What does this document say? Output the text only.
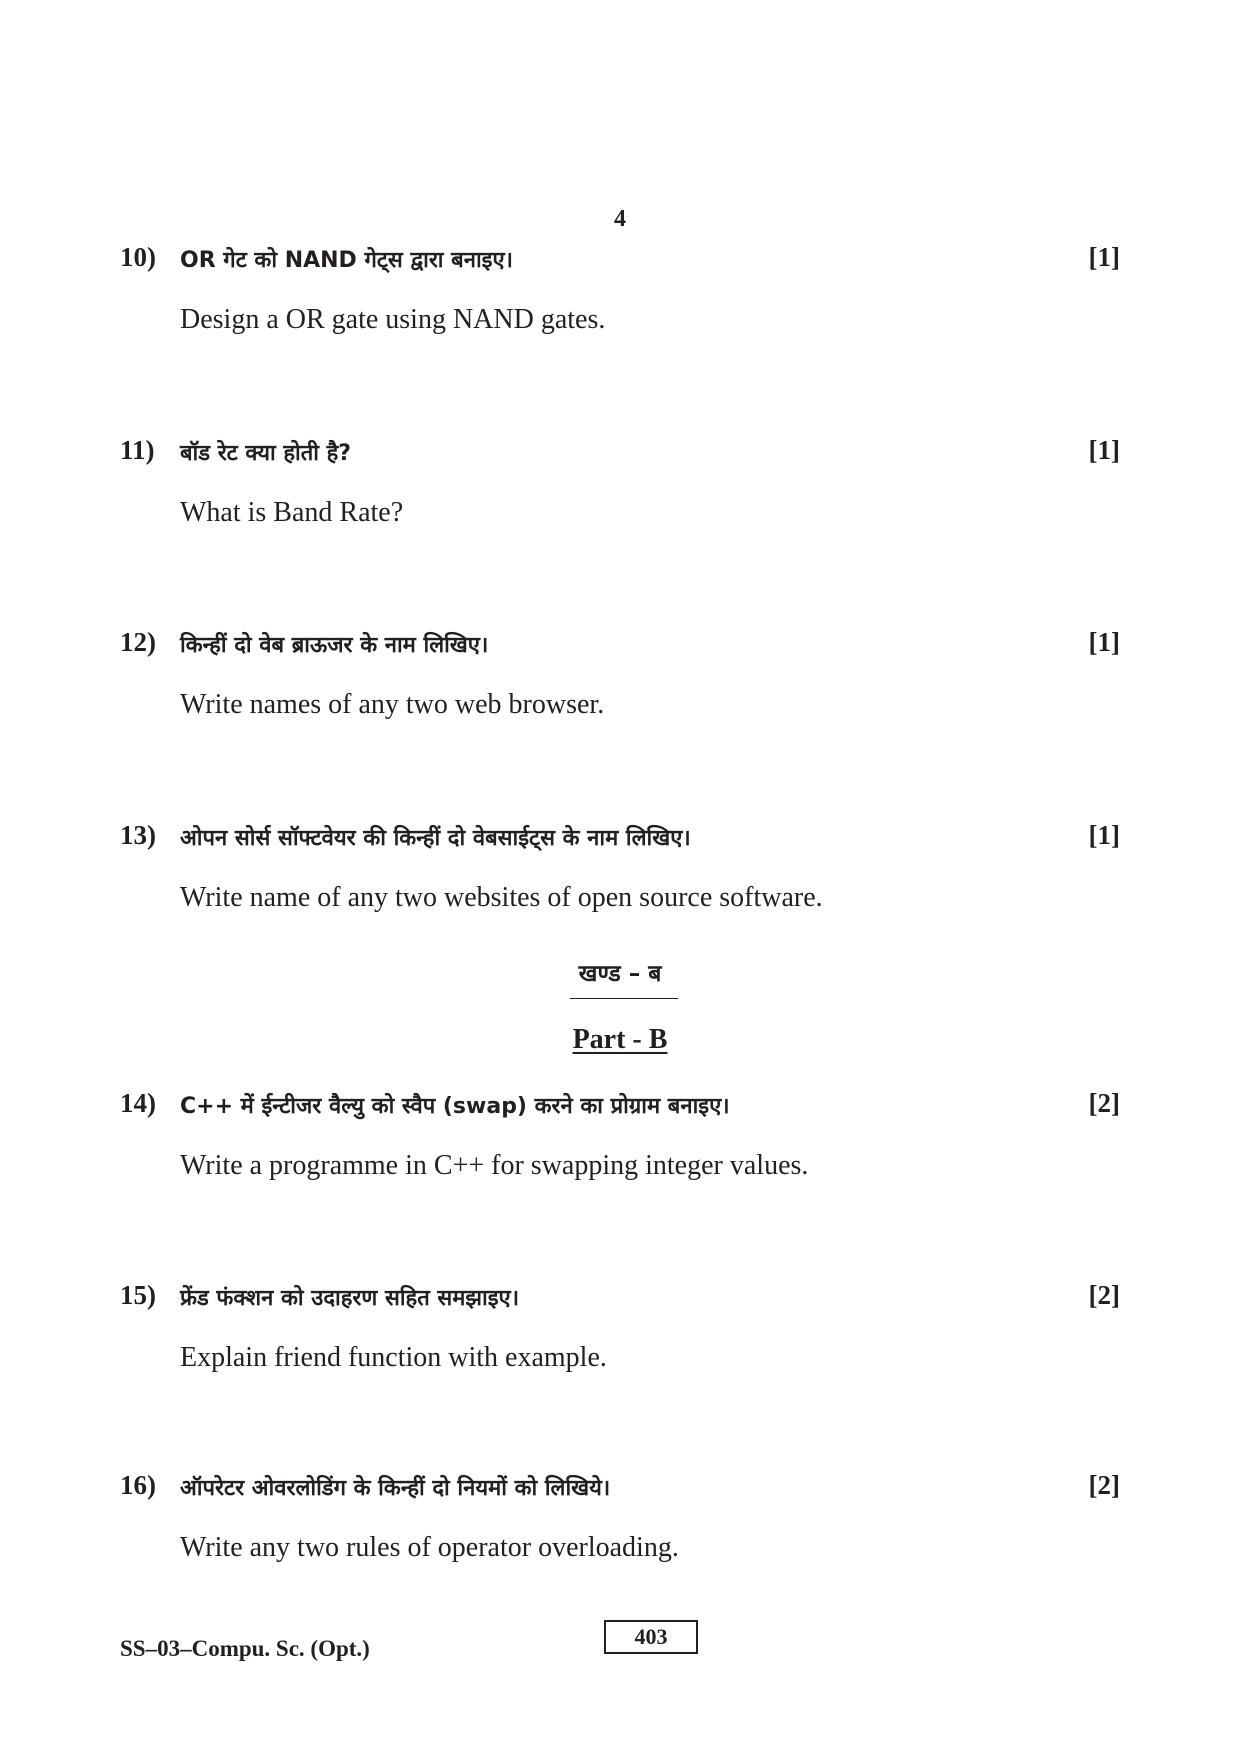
4
10) OR गेट को NAND गेट्स द्वारा बनाइए।	[1]
Design a OR gate using NAND gates.
11) बॉड रेट क्या होती है?	[1]
What is Band Rate?
12) किन्हीं दो वेब ब्राऊजर के नाम लिखिए।	[1]
Write names of any two web browser.
13) ओपन सोर्स सॉफ्टवेयर की किन्हीं दो वेबसाईट्स के नाम लिखिए।	[1]
Write name of any two websites of open source software.
खण्ड – ब
Part - B
14) C++ में ईन्टीजर वैल्यु को स्वैप (swap) करने का प्रोग्राम बनाइए।	[2]
Write a programme in C++ for swapping integer values.
15) फ्रेंड फंक्शन को उदाहरण सहित समझाइए।	[2]
Explain friend function with example.
16) ऑपरेटर ओवरलोडिंग के किन्हीं दो नियमों को लिखिये।	[2]
Write any two rules of operator overloading.
SS–03–Compu. Sc. (Opt.)	403
